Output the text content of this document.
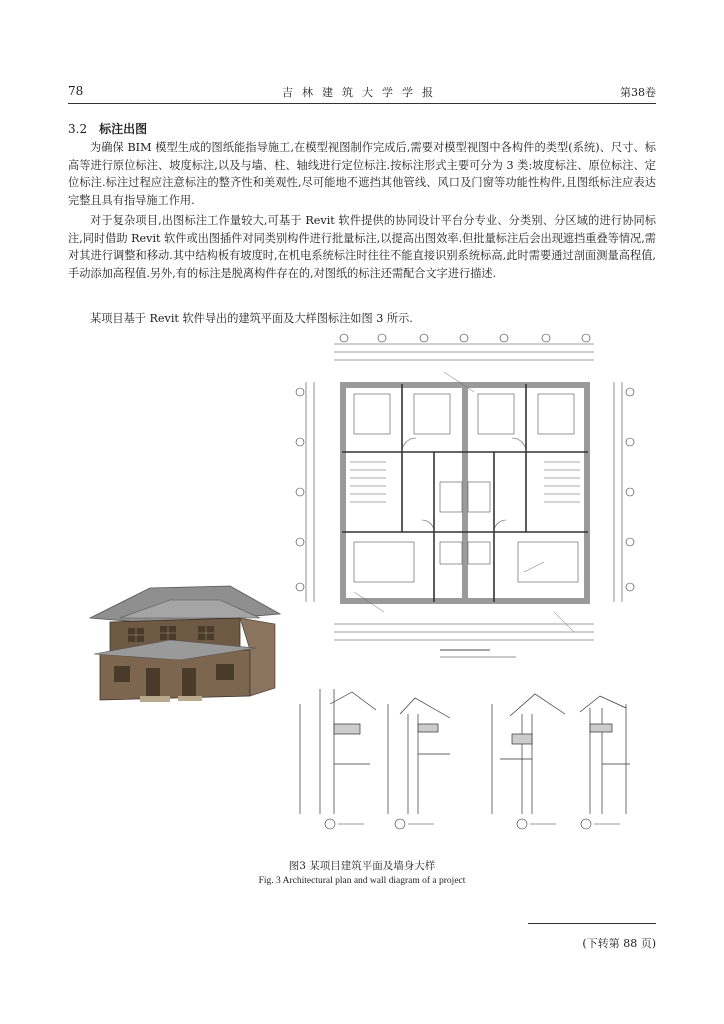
78	吉林建筑大学学报	第38卷
3.2 标注出图

为确保 BIM 模型生成的图纸能指导施工,在模型视图制作完成后,需要对模型视图中各构件的类型(系统)、尺寸、标高等进行原位标注、坡度标注,以及与墙、柱、轴线进行定位标注.按标注形式主要可分为 3 类:坡度标注、原位标注、定位标注.标注过程应注意标注的整齐性和美观性,尽可能地不遮挡其他管线、风口及门窗等功能性构件,且图纸标注应表达完整且具有指导施工作用.

对于复杂项目,出图标注工作量较大,可基于 Revit 软件提供的协同设计平台分专业、分类别、分区域的进行协同标注,同时借助 Revit 软件或出图插件对同类别构件进行批量标注,以提高出图效率.但批量标注后会出现遮挡重叠等情况,需对其进行调整和移动.其中结构板有坡度时,在机电系统标注时往往不能直接识别系统标高,此时需要通过剖面测量高程值,手动添加高程值.另外,有的标注是脱离构件存在的,对图纸的标注还需配合文字进行描述.

某项目基于 Revit 软件导出的建筑平面及大样图标注如图 3 所示.

图3 某项目建筑平面及墙身大样
Fig. 3 Architectural plan and wall diagram of a project
(下转第 88 页)
